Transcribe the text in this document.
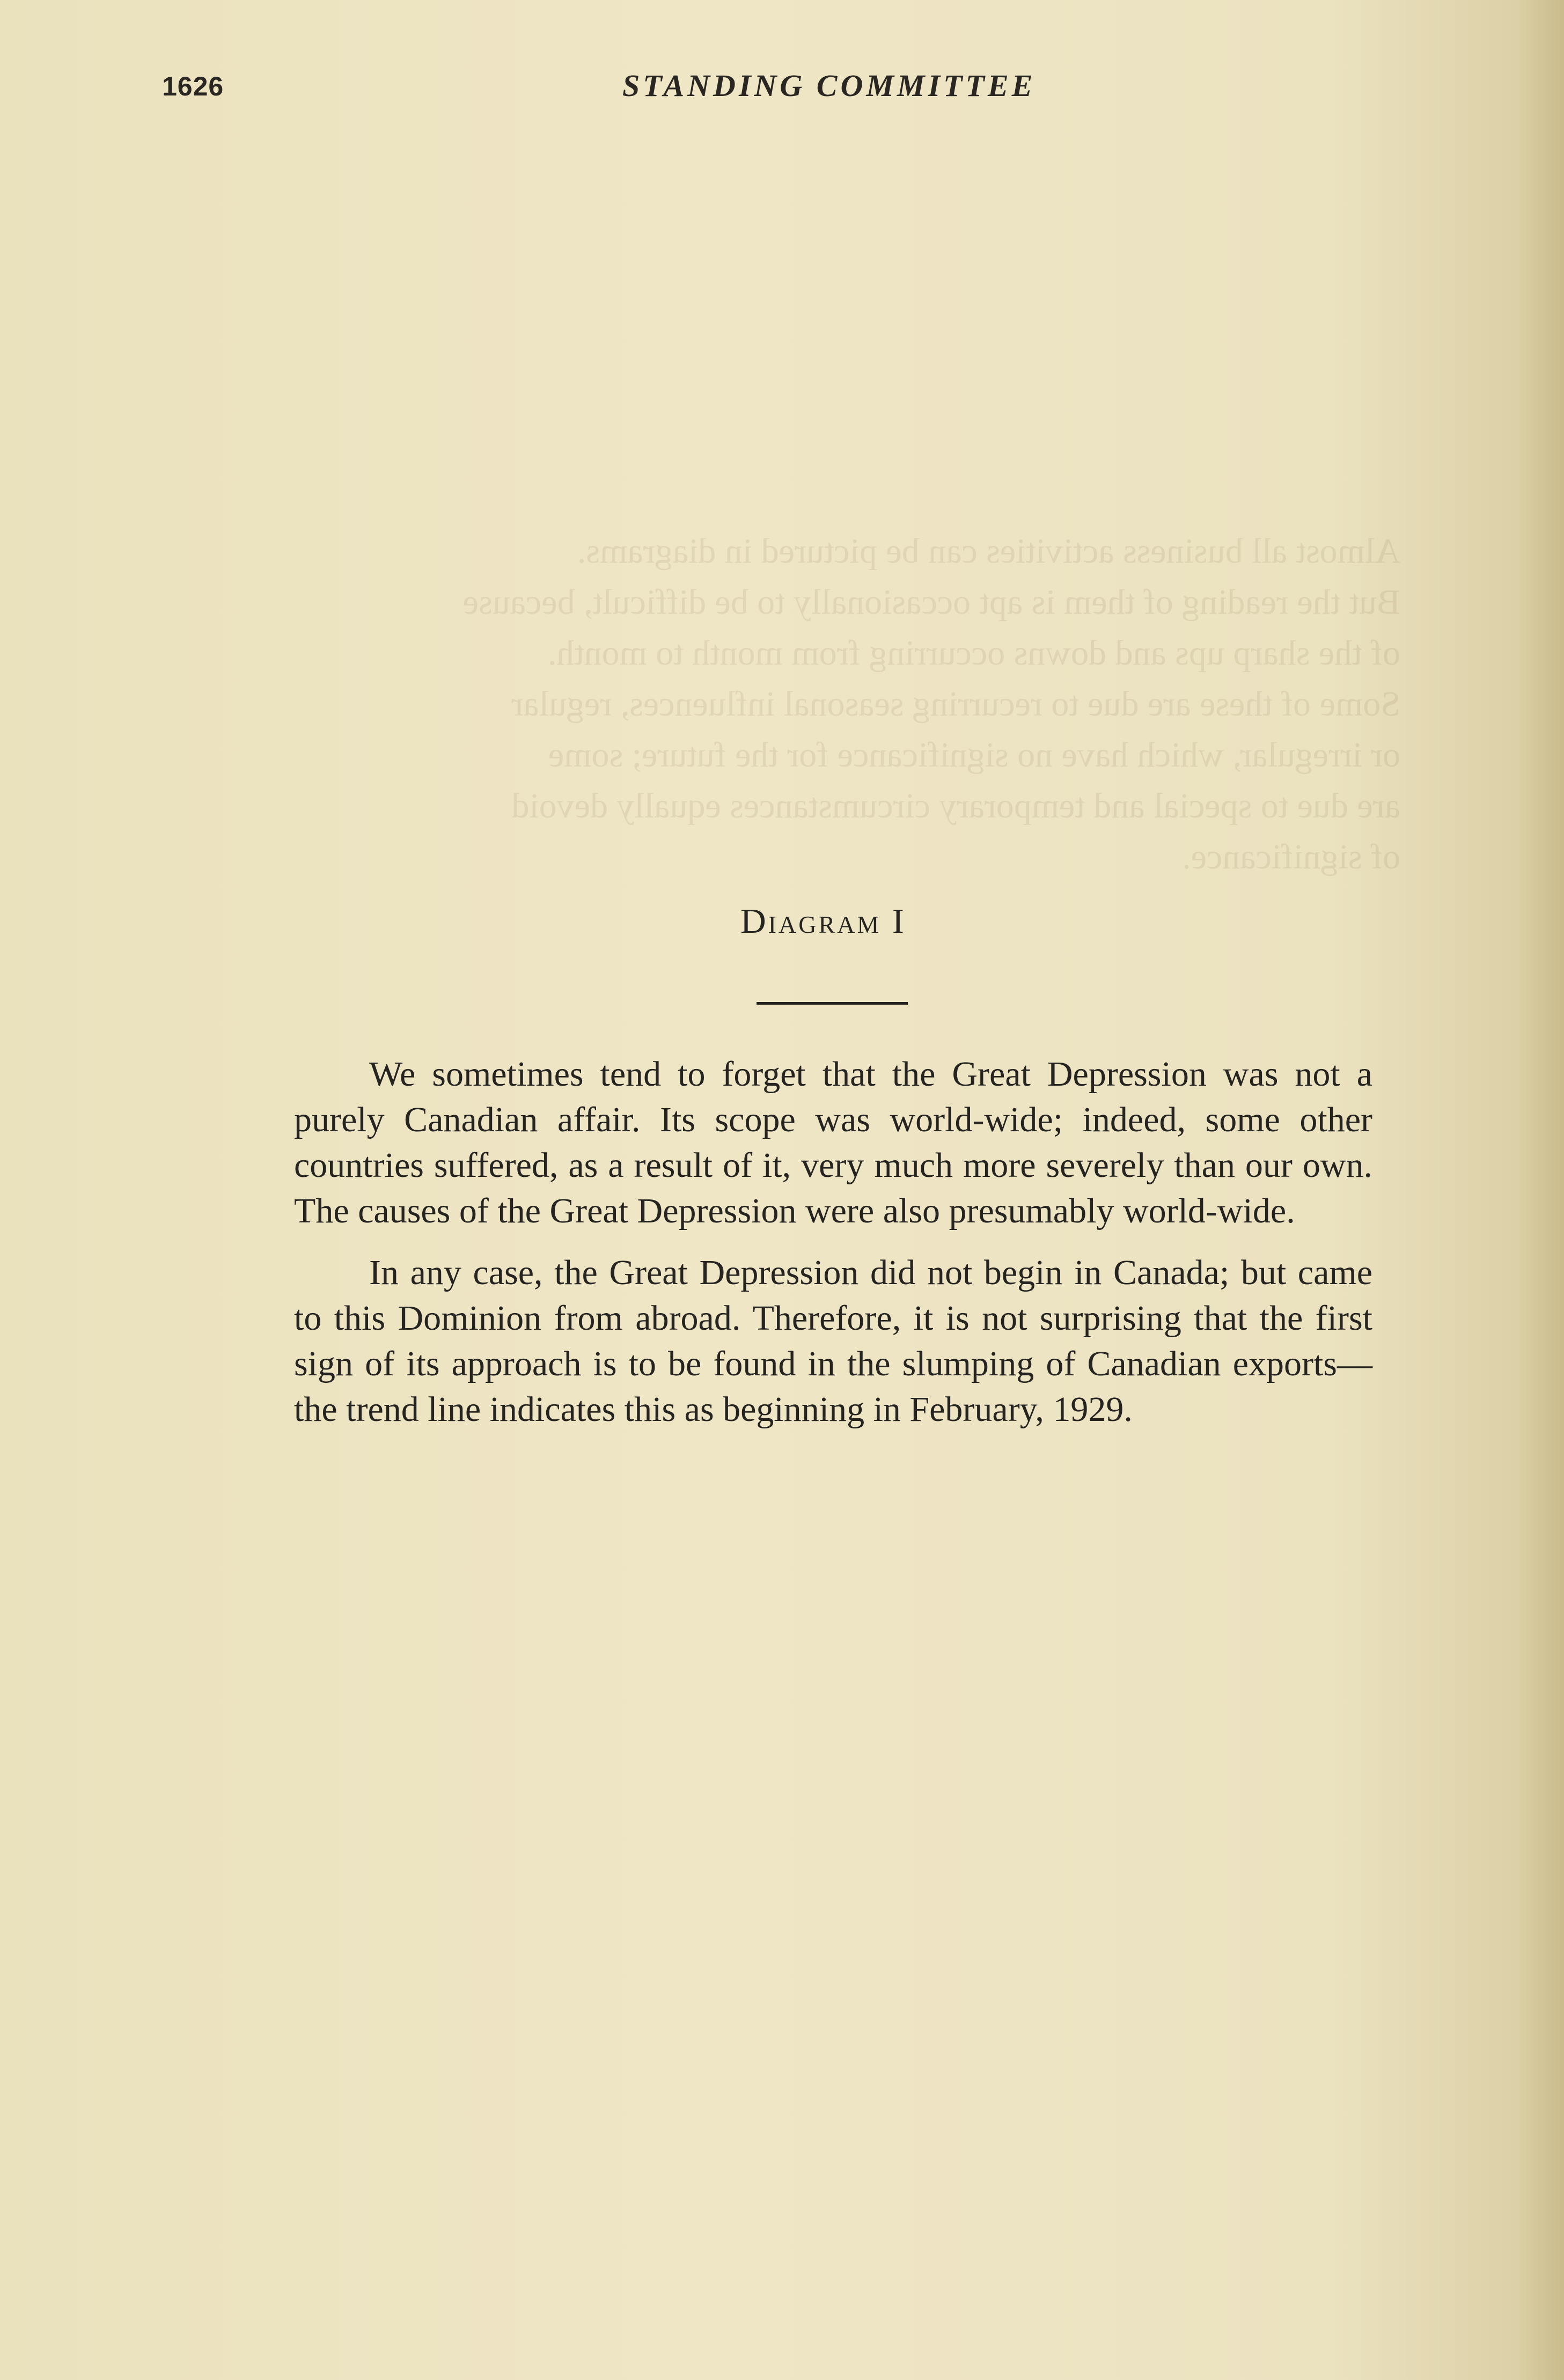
Almost all business activities can be pictured in diagrams.
But the reading of them is apt occasionally to be difficult, because
of the sharp ups and downs occurring from month to month.
Some of these are due to recurring seasonal influences, regular
or irregular, which have no significance for the future; some
are due to special and temporary circumstances equally devoid
of significance.
1626	STANDING COMMITTEE
Diagram I

We sometimes tend to forget that the Great Depression was not a purely Canadian affair. Its scope was world-wide; indeed, some other countries suffered, as a result of it, very much more severely than our own. The causes of the Great Depression were also presumably world-wide.

In any case, the Great Depression did not begin in Canada; but came to this Dominion from abroad. Therefore, it is not surprising that the first sign of its approach is to be found in the slumping of Canadian exports—the trend line indicates this as beginning in February, 1929.
